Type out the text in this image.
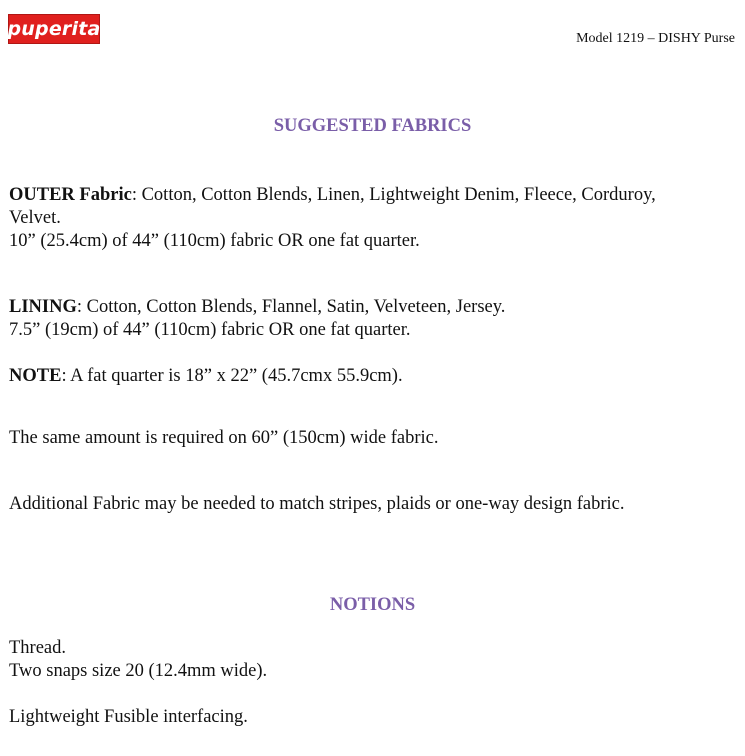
puperita	Model 1219 – DISHY Purse
SUGGESTED FABRICS
OUTER Fabric: Cotton, Cotton Blends, Linen, Lightweight Denim, Fleece, Corduroy,
Velvet.
10” (25.4cm) of 44” (110cm) fabric OR one fat quarter.
LINING: Cotton, Cotton Blends, Flannel, Satin, Velveteen, Jersey.
7.5” (19cm) of 44” (110cm) fabric OR one fat quarter.
NOTE: A fat quarter is 18” x 22” (45.7cmx 55.9cm).
The same amount is required on 60” (150cm) wide fabric.
Additional Fabric may be needed to match stripes, plaids or one-way design fabric.
NOTIONS
Thread.
Two snaps size 20 (12.4mm wide).
Lightweight Fusible interfacing.
